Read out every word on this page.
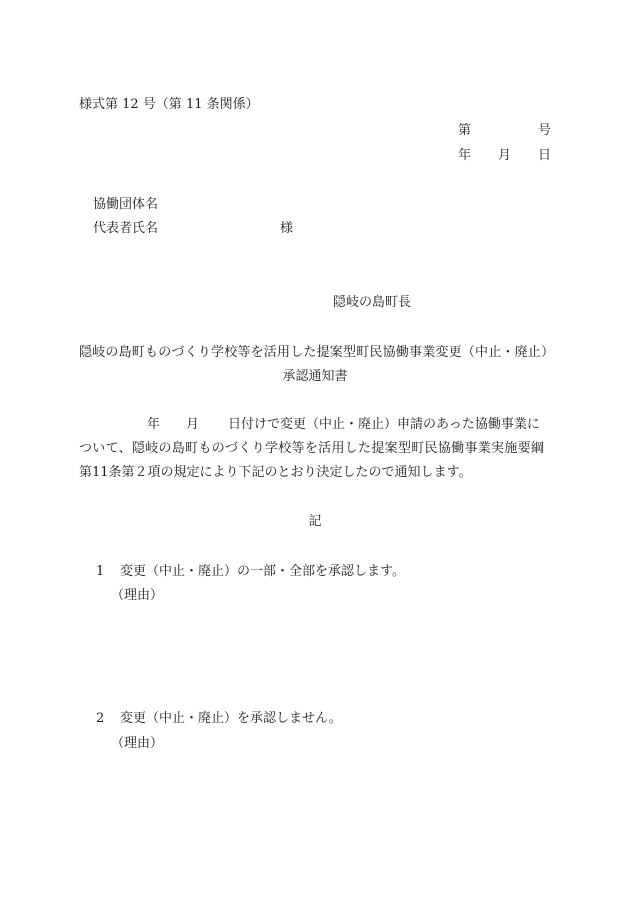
様式第 12 号（第 11 条関係）
第	号
年 月 日
協働団体名
代表者氏名	様
隠岐の島町長
隠岐の島町ものづくり学校等を活用した提案型町民協働事業変更（中止・廃止）
承認通知書
年 月 日付けで変更（中止・廃止）申請のあった協働事業に
ついて、隠岐の島町ものづくり学校等を活用した提案型町民協働事業実施要綱
第11条第２項の規定により下記のとおり決定したので通知します。
記
1 変更（中止・廃止）の一部・全部を承認します。
（理由）
2 変更（中止・廃止）を承認しません。
（理由）
